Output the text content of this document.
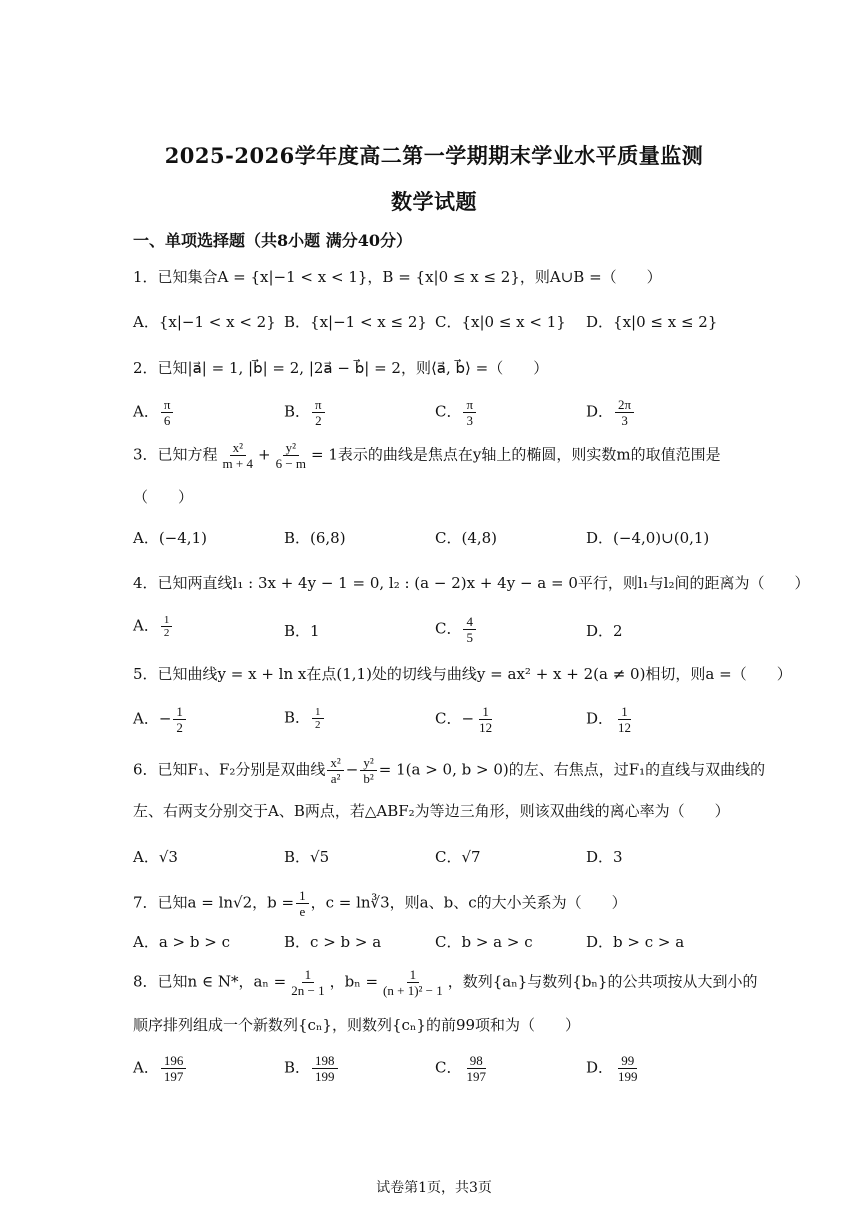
2025-2026学年度高二第一学期期末学业水平质量监测
数学试题
一、单项选择题（共8小题 满分40分）
1．已知集合A = {x|−1 < x < 1}，B = {x|0 ≤ x ≤ 2}，则A∪B =（　　）
A．{x|−1 < x < 2} B．{x|−1 < x ≤ 2} C．{x|0 ≤ x < 1} D．{x|0 ≤ x ≤ 2}
2．已知|a⃗| = 1, |b⃗| = 2, |2a⃗ − b⃗| = 2，则⟨a⃗, b⃗⟩ =（　　）
A． $\frac{\pi}{6}$	B． $\frac{\pi}{2}$	C． $\frac{\pi}{3}$	D． $\frac{2\pi}{3}$
3．已知方程 $\frac{\text{x²}}{m + 4} + \frac{\text{y²}}{6 - m} = 1$表示的曲线是焦点在y轴上的椭圆，则实数m的取值范围是
（　　）
A．(−4,1)	B．(6,8)	C．(4,8)	D．(−4,0)∪(0,1)
4．已知两直线l₁ : 3x + 4y − 1 = 0, l₂ : (a − 2)x + 4y − a = 0平行，则l₁与l₂间的距离为（　　）
A． $\frac{1}{2}$	B．1	C． $\frac{4}{5}$	D．2
5．已知曲线y = x + ln x在点(1,1)处的切线与曲线y = ax² + x + 2(a ≠ 0)相切，则a =（　　）
A．− $\frac{1}{2}$	B． $\frac{1}{2}$	C．− $\frac{1}{12}$	D． $\frac{1}{12}$
6．已知F₁、F₂分别是双曲线 $\frac{\text{x²}}{\text{a²}} - \frac{\text{y²}}{\text{b²}} = 1(a > 0$, b > 0)的左、右焦点，过F₁的直线与双曲线的
左、右两支分别交于A、B两点，若△ABF₂为等边三角形，则该双曲线的离心率为（　　）
A．√3	B．√5	C．√7	D．3
7．已知a = ln√2，$b = \frac{1}{e}$ ，c = ln∛3，则a、b、c的大小关系为（　　）
A．a > b > c	B．c > b > a	C．b > a > c	D．b > c > a
8．已知n ∈ N*，$a_n = \frac{1}{2n - 1}$ ，$b_n = \frac{1}{\text{(n + 1)² − 1}}$ ，数列{aₙ}与数列{bₙ}的公共项按从大到小的
顺序排列组成一个新数列{cₙ}，则数列{cₙ}的前99项和为（　　）
A． $\frac{196}{197}$	B． $\frac{198}{199}$	C． $\frac{98}{197}$	D． $\frac{99}{199}$
试卷第1页，共3页
